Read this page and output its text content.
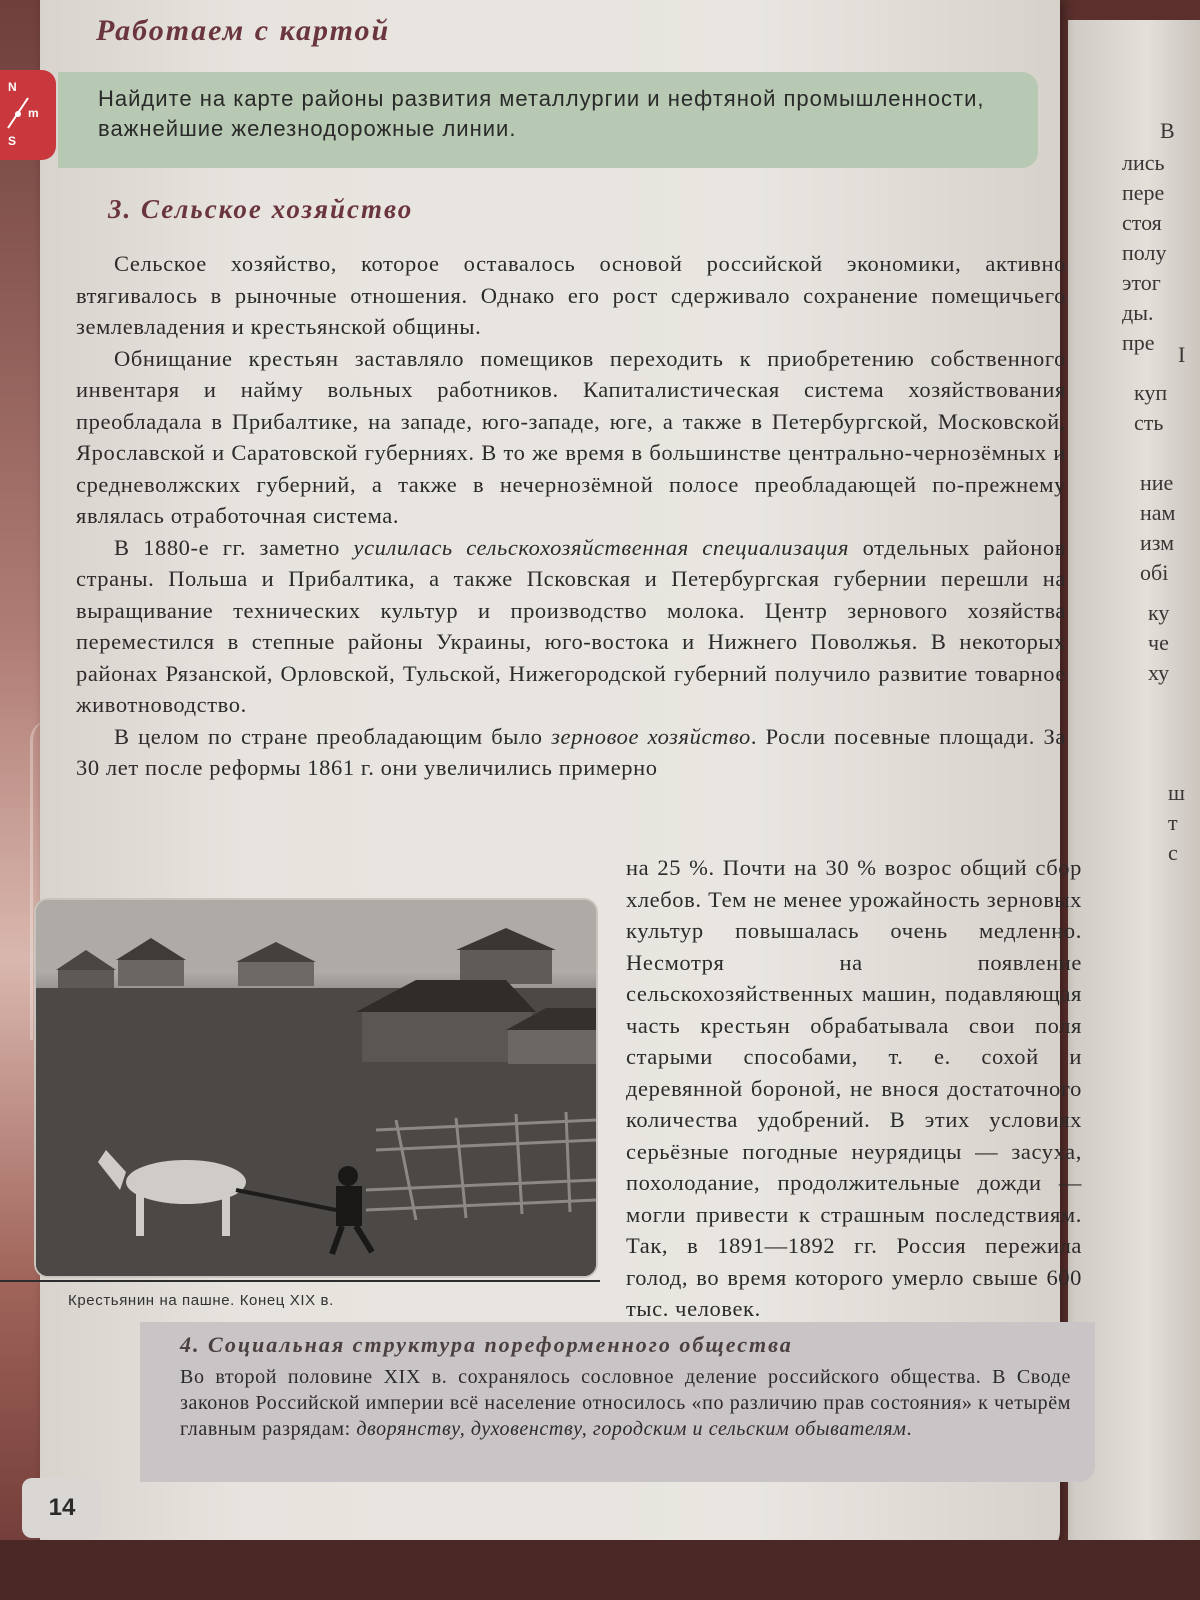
В
лись
пере
стоя
полу
этог
ды.
пре I
куп
сть
ние
нам
изм
обі
ку
че
ху
ш
т
с
N
m
S
Работаем с картой
Найдите на карте районы развития металлургии и нефтяной промышленности, важнейшие железнодорожные линии.
3. Сельское хозяйство

Сельское хозяйство, которое оставалось основой российской экономики, активно втягивалось в рыночные отношения. Однако его рост сдерживало сохранение помещичьего землевладения и крестьянской общины.

Обнищание крестьян заставляло помещиков переходить к приобретению собственного инвентаря и найму вольных работников. Капиталистическая система хозяйствования преобладала в Прибалтике, на западе, юго-западе, юге, а также в Петербургской, Московской, Ярославской и Саратовской губерниях. В то же время в большинстве центрально-чернозёмных и средневолжских губерний, а также в нечернозёмной полосе преобладающей по-прежнему являлась отработочная система.

В 1880-е гг. заметно усилилась сельскохозяйственная специализация отдельных районов страны. Польша и Прибалтика, а также Псковская и Петербургская губернии перешли на выращивание технических культур и производство молока. Центр зернового хозяйства переместился в степные районы Украины, юго-востока и Нижнего Поволжья. В некоторых районах Рязанской, Орловской, Тульской, Нижегородской губерний получило развитие товарное животноводство.

В целом по стране преобладающим было зерновое хозяйство. Росли посевные площади. За 30 лет после реформы 1861 г. они увеличились примерно

Крестьянин на пашне. Конец XIX в.
на 25 %. Почти на 30 % возрос общий сбор хлебов. Тем не менее урожайность зерновых культур повышалась очень медленно. Несмотря на появление сельскохозяйственных машин, подавляющая часть крестьян обрабатывала свои поля старыми способами, т. е. сохой и деревянной бороной, не внося достаточного количества удобрений. В этих условиях серьёзные погодные неурядицы — засуха, похолодание, продолжительные дожди — могли привести к страшным последствиям. Так, в 1891—1892 гг. Россия пережила голод, во время которого умерло свыше 600 тыс. человек.
4. Социальная структура пореформенного общества
Во второй половине XIX в. сохранялось сословное деление российского общества. В Своде законов Российской империи всё население относилось «по различию прав состояния» к четырём главным разрядам: дворянству, духовенству, городским и сельским обывателям.
14
